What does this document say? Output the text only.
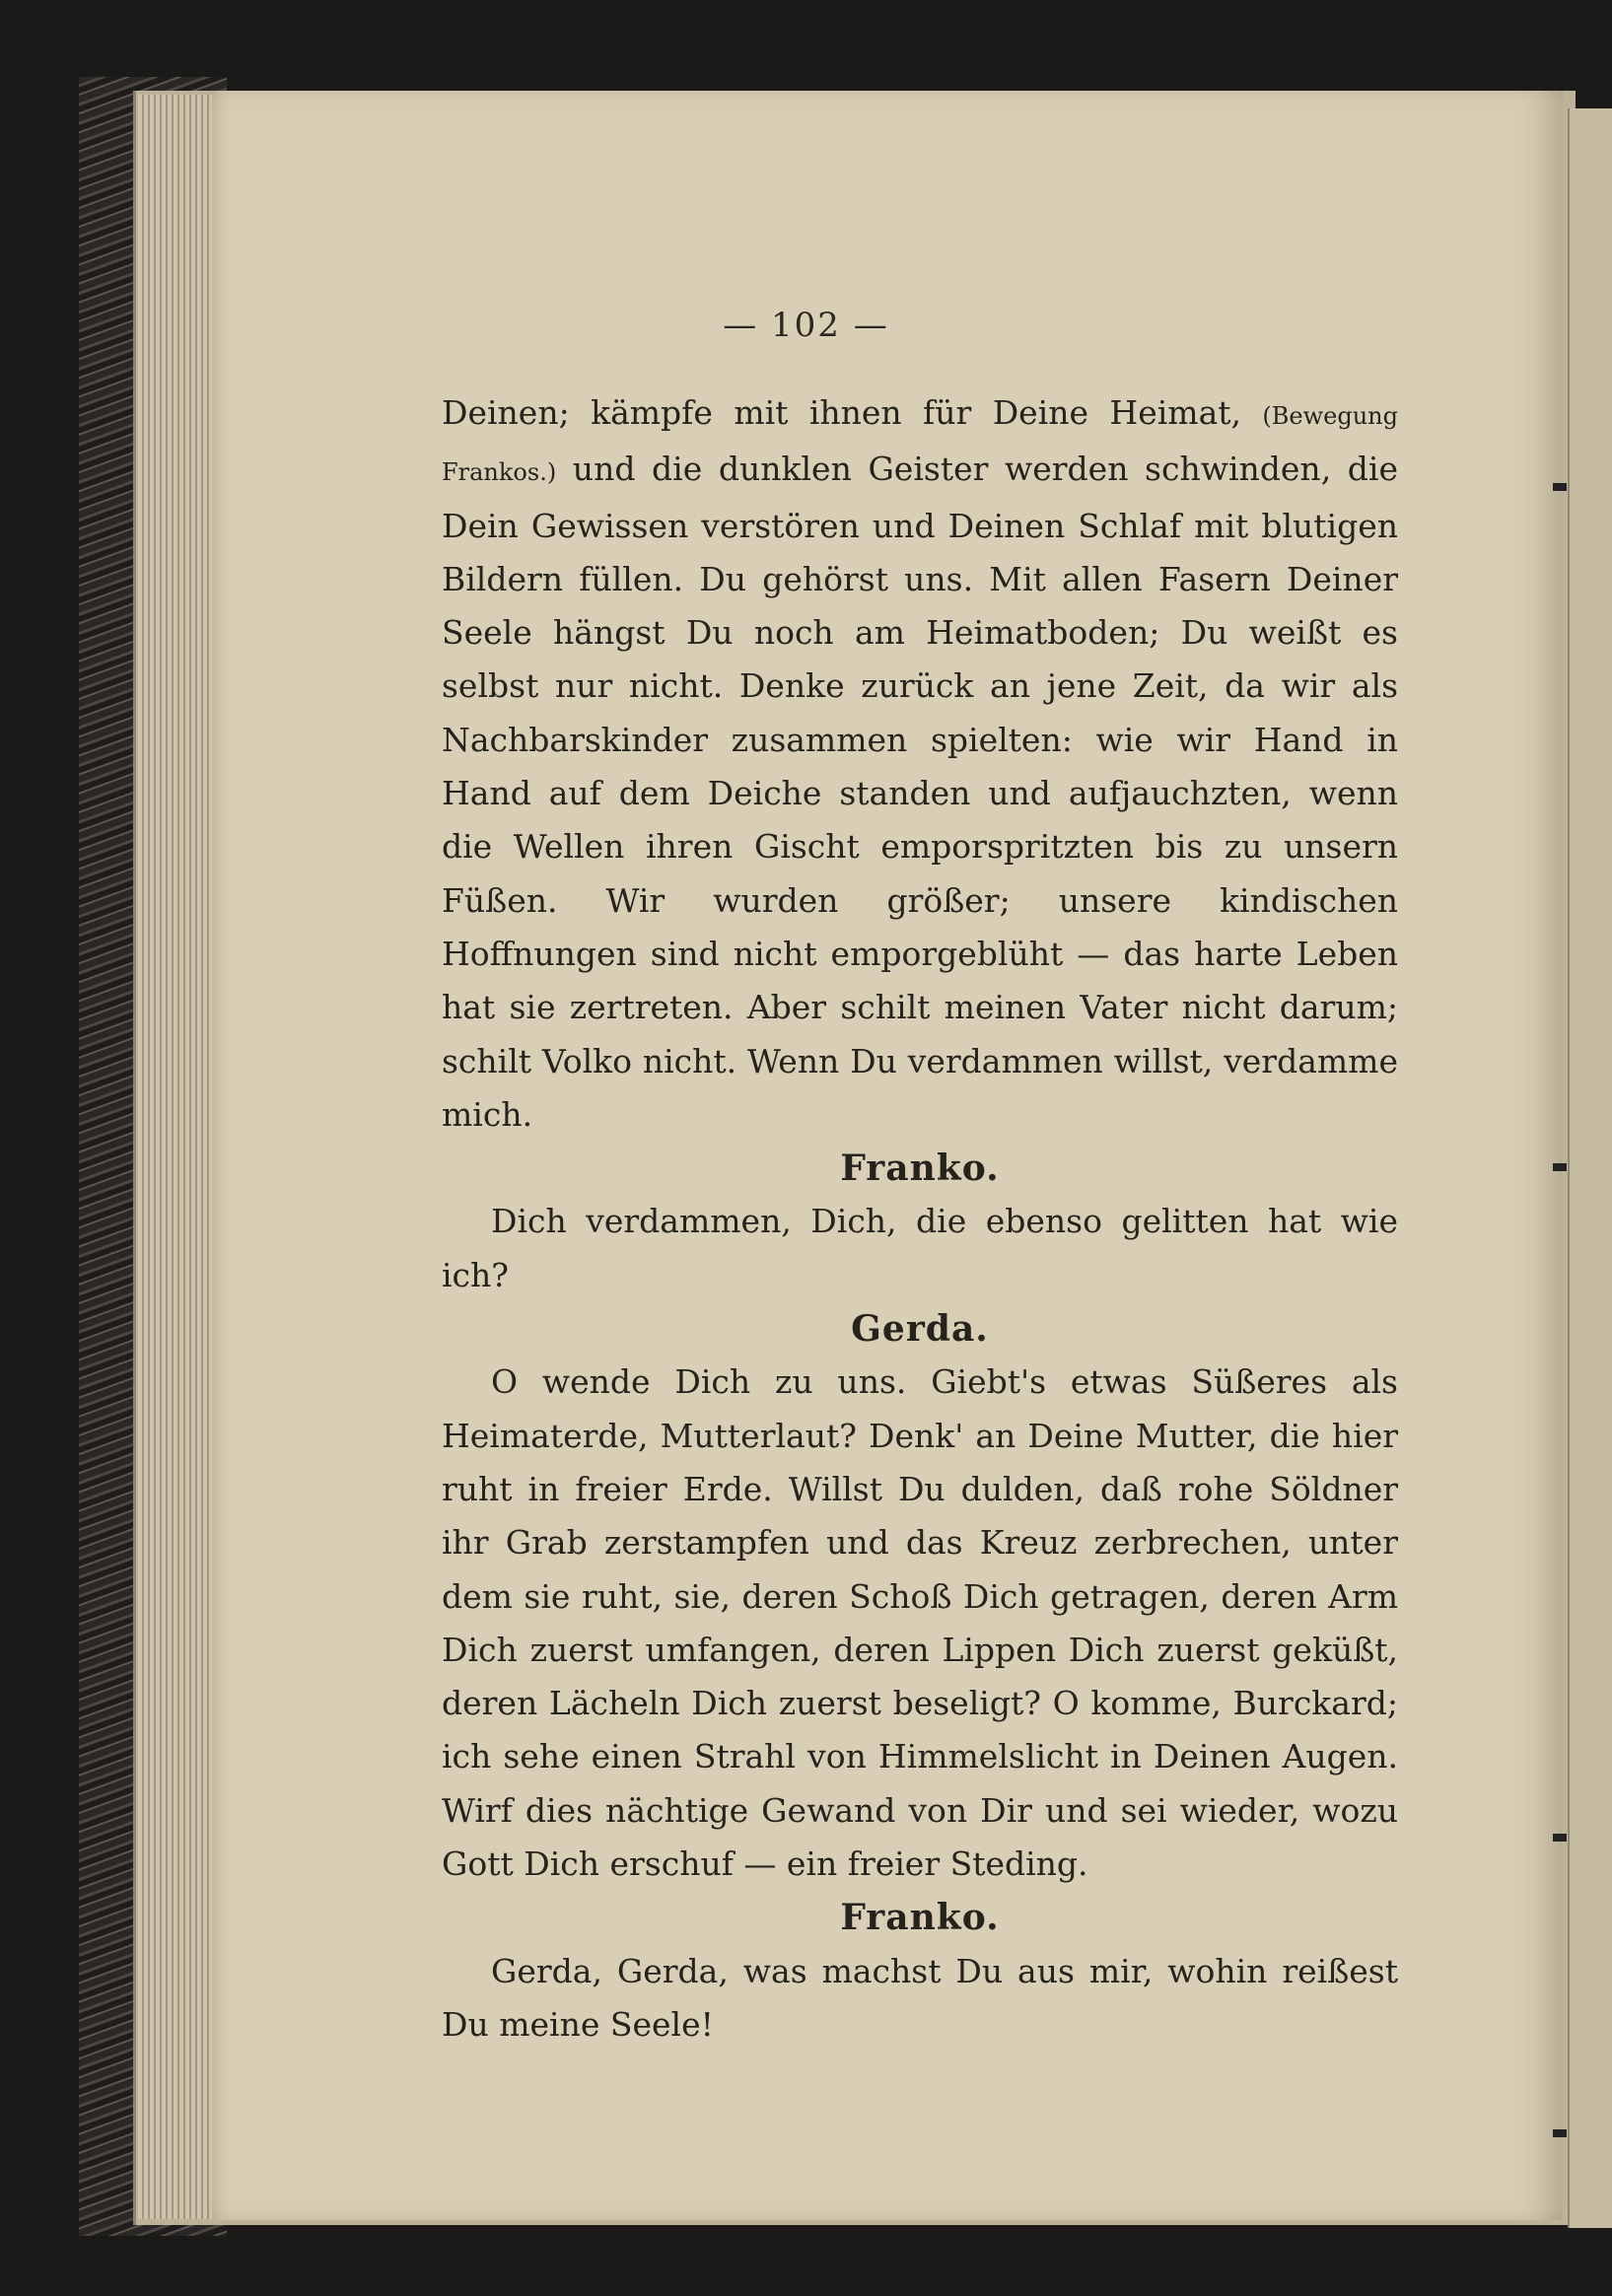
— 102 —

Deinen; kämpfe mit ihnen für Deine Heimat, (Bewegung Frankos.) und die dunklen Geister werden schwinden, die Dein Gewissen verstören und Deinen Schlaf mit blutigen Bildern füllen. Du gehörst uns. Mit allen Fasern Deiner Seele hängst Du noch am Heimatboden; Du weißt es selbst nur nicht. Denke zurück an jene Zeit, da wir als Nachbarskinder zusammen spielten: wie wir Hand in Hand auf dem Deiche standen und aufjauchzten, wenn die Wellen ihren Gischt emporspritzten bis zu unsern Füßen. Wir wurden größer; unsere kindischen Hoffnungen sind nicht emporgeblüht — das harte Leben hat sie zertreten. Aber schilt meinen Vater nicht darum; schilt Volko nicht. Wenn Du verdammen willst, verdamme mich.

Franko.

Dich verdammen, Dich, die ebenso gelitten hat wie ich?

Gerda.

O wende Dich zu uns. Giebt's etwas Süßeres als Heimaterde, Mutterlaut? Denk' an Deine Mutter, die hier ruht in freier Erde. Willst Du dulden, daß rohe Söldner ihr Grab zerstampfen und das Kreuz zerbrechen, unter dem sie ruht, sie, deren Schoß Dich getragen, deren Arm Dich zuerst umfangen, deren Lippen Dich zuerst geküßt, deren Lächeln Dich zuerst beseligt? O komme, Burckard; ich sehe einen Strahl von Himmelslicht in Deinen Augen. Wirf dies nächtige Gewand von Dir und sei wieder, wozu Gott Dich erschuf — ein freier Steding.

Franko.

Gerda, Gerda, was machst Du aus mir, wohin reißest Du meine Seele!
